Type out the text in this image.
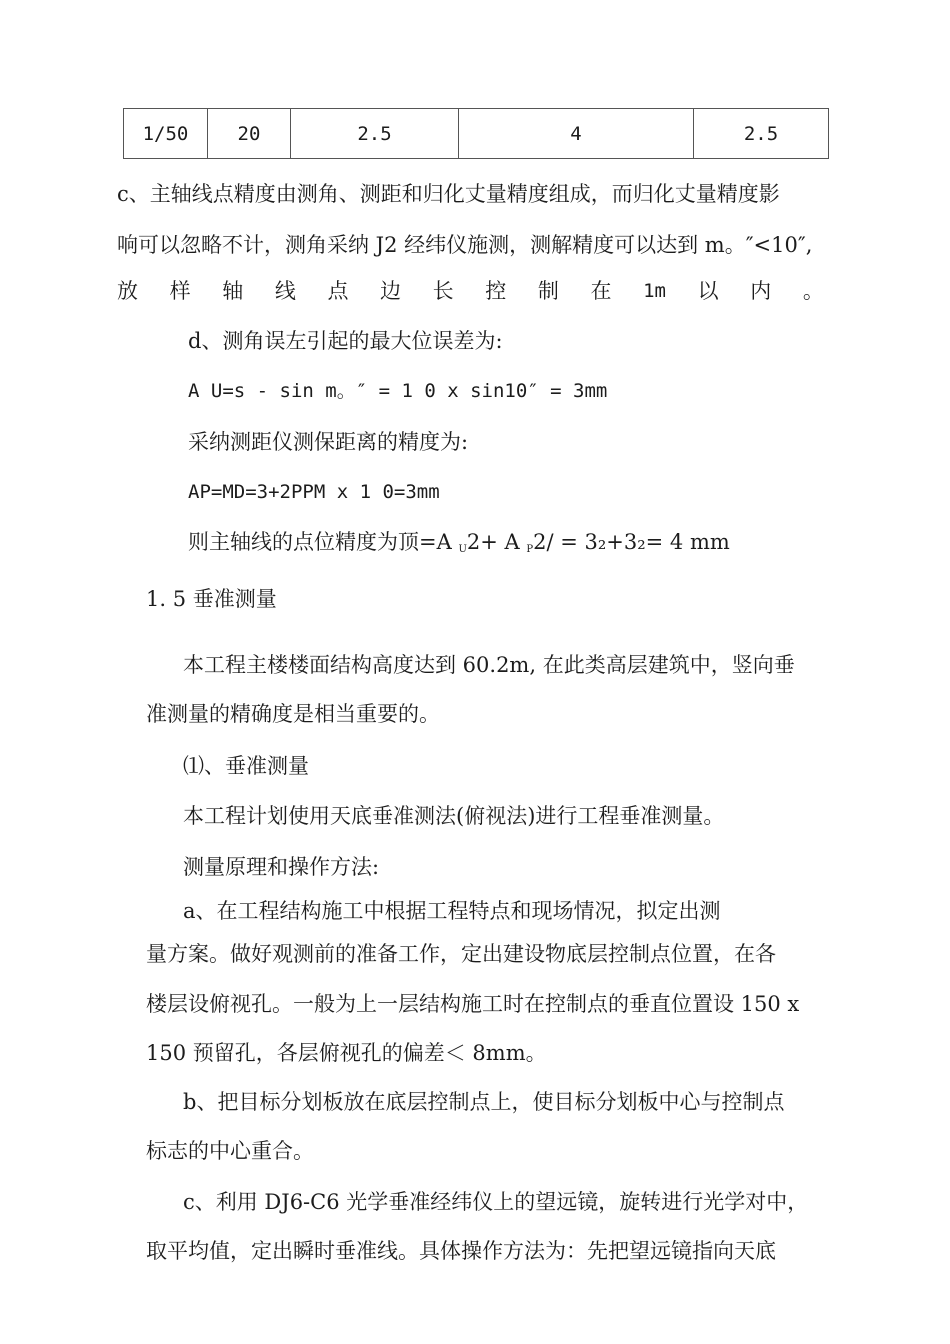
1/50	20	2.5	4	2.5
c、主轴线点精度由测角、测距和归化丈量精度组成，而归化丈量精度影
响可以忽略不计，测角采纳 J2 经纬仪施测，测解精度可以达到 m。″<10″,
放 样 轴 线 点 边 长 控 制 在 1m 以 内 。
d、测角误左引起的最大位误差为:
A U=s - sin m。″ = 1 0 x sin10″ = 3mm
采纳测距仪测保距离的精度为:
AP=MD=3+2PPM x 1 0=3mm
则主轴线的点位精度为顶=A $_U$2+ A $_P$2/ = 3₂+3₂= 4 mm
1. 5 垂准测量
本工程主楼楼面结构高度达到 60.2m, 在此类高层建筑中，竖向垂
准测量的精确度是相当重要的。
⑴、垂准测量
本工程计划使用天底垂准测法(俯视法)进行工程垂准测量。
测量原理和操作方法:
a、在工程结构施工中根据工程特点和现场情况，拟定出测
量方案。做好观测前的准备工作，定出建设物底层控制点位置，在各
楼层设俯视孔。一般为上一层结构施工时在控制点的垂直位置设 150 x
150 预留孔，各层俯视孔的偏差＜ 8mm。
b、把目标分划板放在底层控制点上，使目标分划板中心与控制点
标志的中心重合。
c、利用 DJ6-C6 光学垂准经纬仪上的望远镜，旋转进行光学对中，
取平均值，定出瞬时垂准线。具体操作方法为：先把望远镜指向天底
